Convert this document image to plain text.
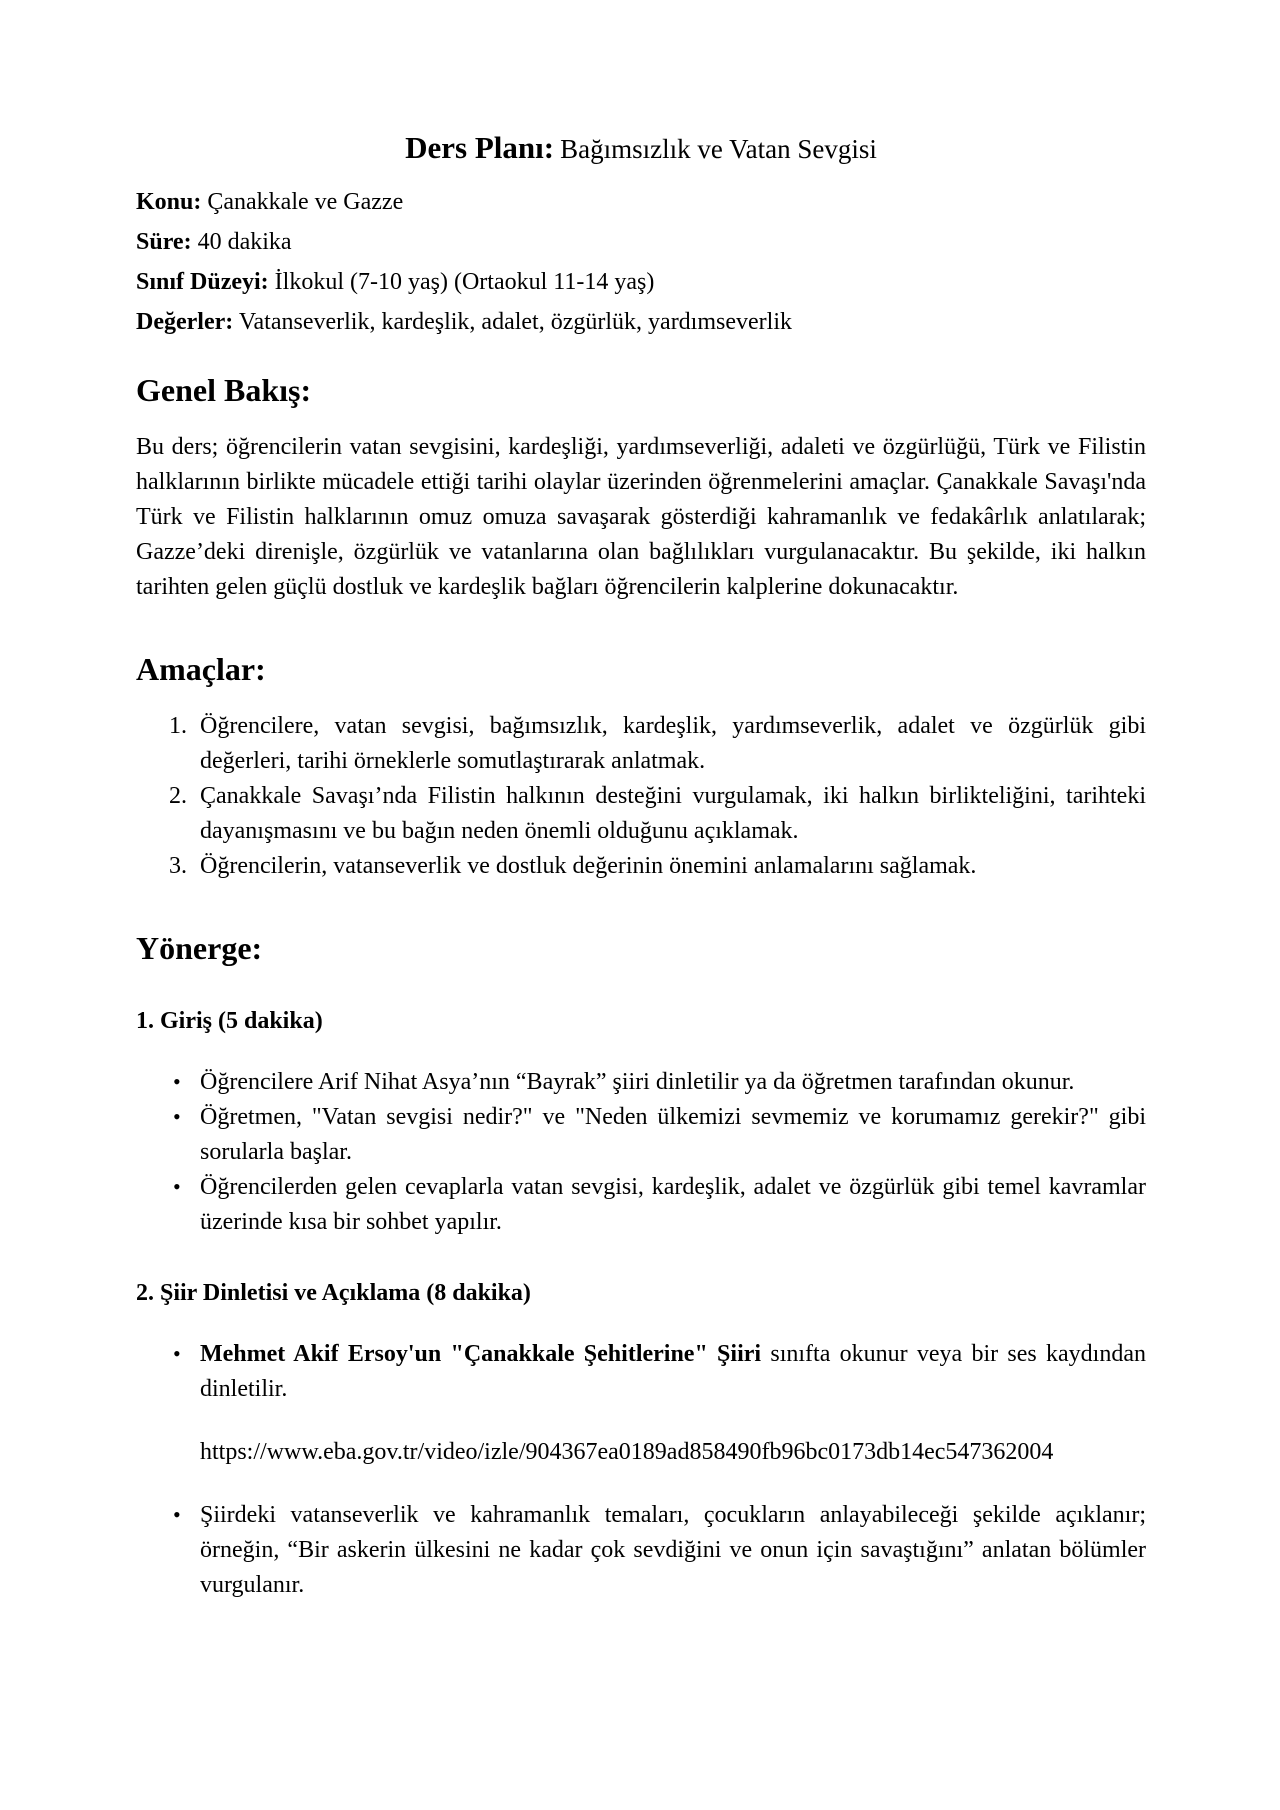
Ders Planı: Bağımsızlık ve Vatan Sevgisi

Konu: Çanakkale ve Gazze

Süre: 40 dakika

Sınıf Düzeyi: İlkokul (7-10 yaş) (Ortaokul 11-14 yaş)

Değerler: Vatanseverlik, kardeşlik, adalet, özgürlük, yardımseverlik

Genel Bakış:

Bu ders; öğrencilerin vatan sevgisini, kardeşliği, yardımseverliği, adaleti ve özgürlüğü, Türk ve Filistin halklarının birlikte mücadele ettiği tarihi olaylar üzerinden öğrenmelerini amaçlar. Çanakkale Savaşı'nda Türk ve Filistin halklarının omuz omuza savaşarak gösterdiği kahramanlık ve fedakârlık anlatılarak; Gazze’deki direnişle, özgürlük ve vatanlarına olan bağlılıkları vurgulanacaktır. Bu şekilde, iki halkın tarihten gelen güçlü dostluk ve kardeşlik bağları öğrencilerin kalplerine dokunacaktır.

Amaçlar:
1. Öğrencilere, vatan sevgisi, bağımsızlık, kardeşlik, yardımseverlik, adalet ve özgürlük gibi değerleri, tarihi örneklerle somutlaştırarak anlatmak.
2. Çanakkale Savaşı’nda Filistin halkının desteğini vurgulamak, iki halkın birlikteliğini, tarihteki dayanışmasını ve bu bağın neden önemli olduğunu açıklamak.
3. Öğrencilerin, vatanseverlik ve dostluk değerinin önemini anlamalarını sağlamak.
Yönerge:

1. Giriş (5 dakika)

• Öğrencilere Arif Nihat Asya’nın “Bayrak” şiiri dinletilir ya da öğretmen tarafından okunur.
• Öğretmen, "Vatan sevgisi nedir?" ve "Neden ülkemizi sevmemiz ve korumamız gerekir?" gibi sorularla başlar.
• Öğrencilerden gelen cevaplarla vatan sevgisi, kardeşlik, adalet ve özgürlük gibi temel kavramlar üzerinde kısa bir sohbet yapılır.

2. Şiir Dinletisi ve Açıklama (8 dakika)

• Mehmet Akif Ersoy'un "Çanakkale Şehitlerine" Şiiri sınıfta okunur veya bir ses kaydından dinletilir.

https://www.eba.gov.tr/video/izle/904367ea0189ad858490fb96bc0173db14ec547362004

• Şiirdeki vatanseverlik ve kahramanlık temaları, çocukların anlayabileceği şekilde açıklanır; örneğin, “Bir askerin ülkesini ne kadar çok sevdiğini ve onun için savaştığını” anlatan bölümler vurgulanır.
